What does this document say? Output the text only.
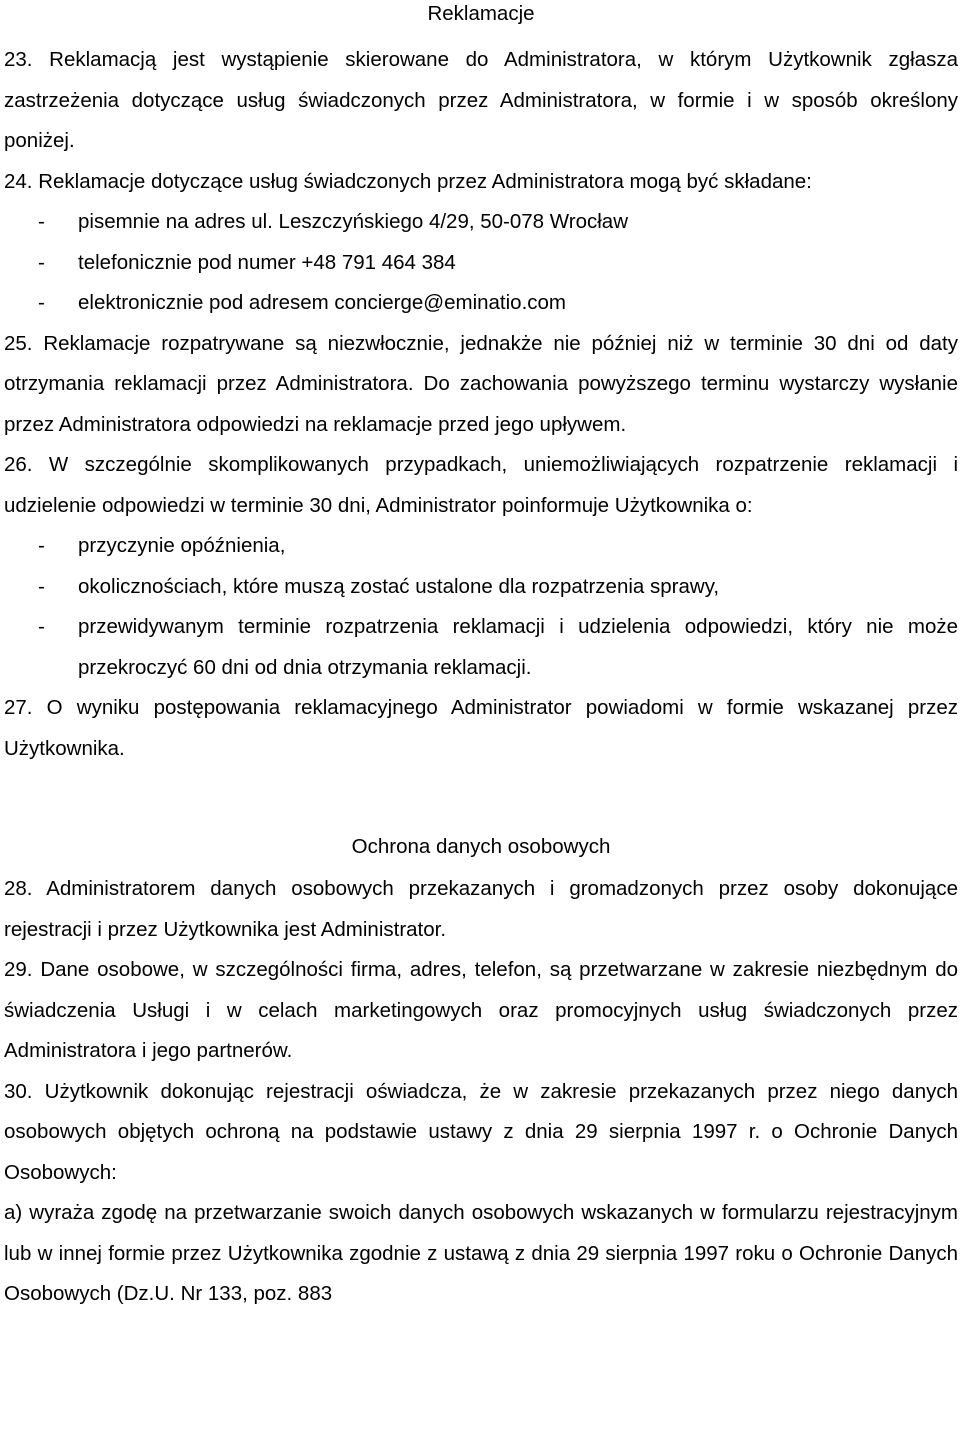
Reklamacje

23. Reklamacją jest wystąpienie skierowane do Administratora, w którym Użytkownik zgłasza zastrzeżenia dotyczące usług świadczonych przez Administratora, w formie i w sposób określony poniżej.

24. Reklamacje dotyczące usług świadczonych przez Administratora mogą być składane:

- pisemnie na adres ul. Leszczyńskiego 4/29, 50-078 Wrocław
- telefonicznie pod numer +48 791 464 384
- elektronicznie pod adresem concierge@eminatio.com

25. Reklamacje rozpatrywane są niezwłocznie, jednakże nie później niż w terminie 30 dni od daty otrzymania reklamacji przez Administratora. Do zachowania powyższego terminu wystarczy wysłanie przez Administratora odpowiedzi na reklamacje przed jego upływem.

26. W szczególnie skomplikowanych przypadkach, uniemożliwiających rozpatrzenie reklamacji i udzielenie odpowiedzi w terminie 30 dni, Administrator poinformuje Użytkownika o:

- przyczynie opóźnienia,
- okolicznościach, które muszą zostać ustalone dla rozpatrzenia sprawy,
- przewidywanym terminie rozpatrzenia reklamacji i udzielenia odpowiedzi, który nie może przekroczyć 60 dni od dnia otrzymania reklamacji.

27. O wyniku postępowania reklamacyjnego Administrator powiadomi w formie wskazanej przez Użytkownika.

Ochrona danych osobowych

28. Administratorem danych osobowych przekazanych i gromadzonych przez osoby dokonujące rejestracji i przez Użytkownika jest Administrator.

29. Dane osobowe, w szczególności firma, adres, telefon, są przetwarzane w zakresie niezbędnym do świadczenia Usługi i w celach marketingowych oraz promocyjnych usług świadczonych przez Administratora i jego partnerów.

30. Użytkownik dokonując rejestracji oświadcza, że w zakresie przekazanych przez niego danych osobowych objętych ochroną na podstawie ustawy z dnia 29 sierpnia 1997 r. o Ochronie Danych Osobowych:

a) wyraża zgodę na przetwarzanie swoich danych osobowych wskazanych w formularzu rejestracyjnym lub w innej formie przez Użytkownika zgodnie z ustawą z dnia 29 sierpnia 1997 roku o Ochronie Danych Osobowych (Dz.U. Nr 133, poz. 883
